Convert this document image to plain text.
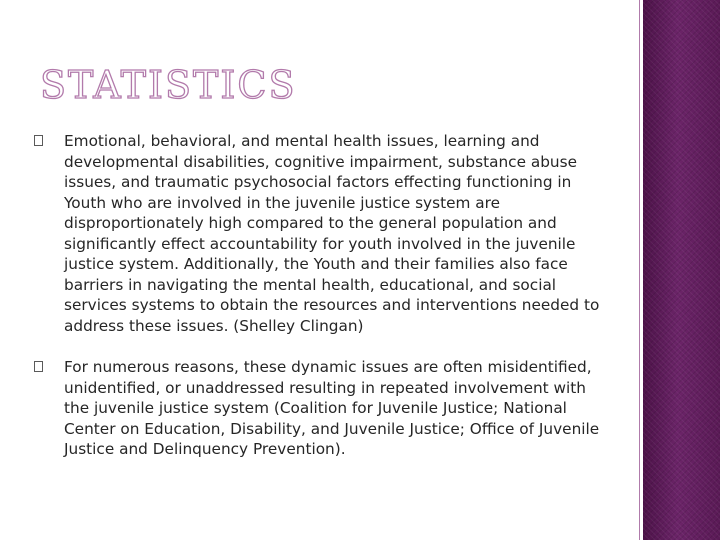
STATISTICS
Emotional, behavioral, and mental health issues, learning and developmental disabilities, cognitive impairment, substance abuse issues, and traumatic psychosocial factors effecting functioning in Youth who are involved in the juvenile justice system are disproportionately high compared to the general population and significantly effect accountability for youth involved in the juvenile justice system. Additionally, the Youth and their families also face barriers in navigating the mental health, educational, and social services systems to obtain the resources and interventions needed to address these issues. (Shelley Clingan)
For numerous reasons, these dynamic issues are often misidentified, unidentified, or unaddressed resulting in repeated involvement with the juvenile justice system (Coalition for Juvenile Justice; National Center on Education, Disability, and Juvenile Justice; Office of Juvenile Justice and Delinquency Prevention).
